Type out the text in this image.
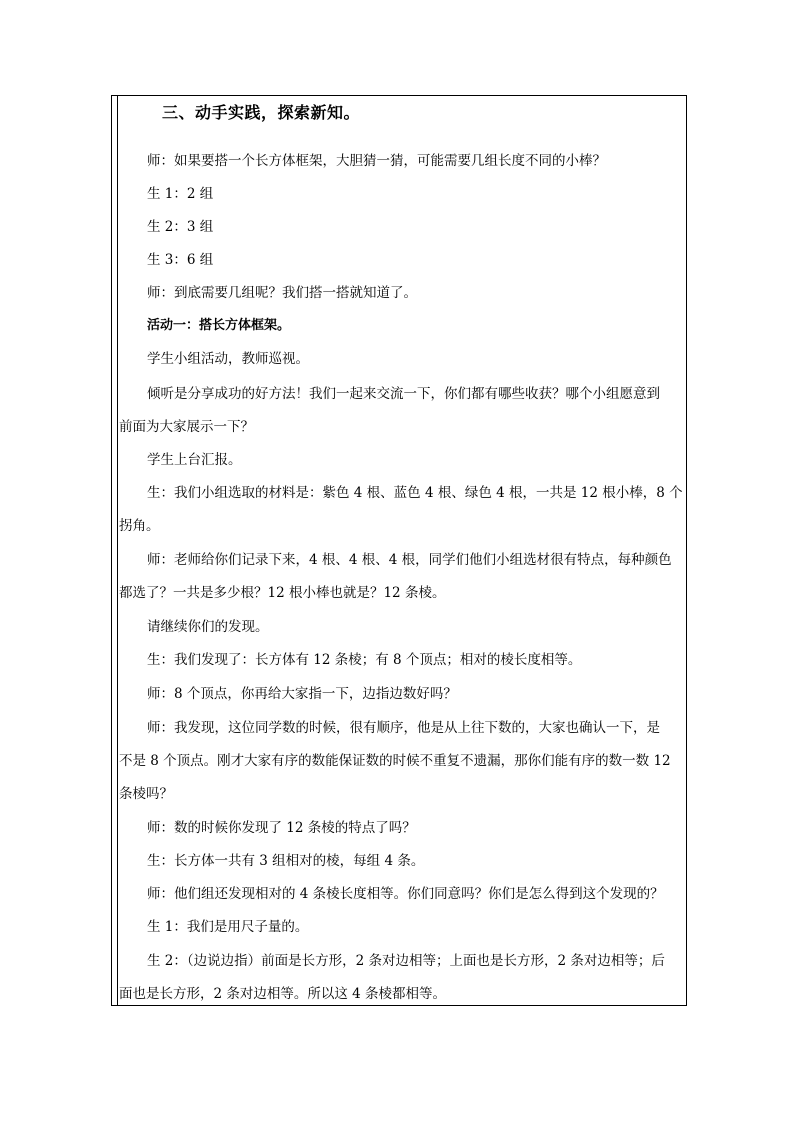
三、动手实践，探索新知。
师：如果要搭一个长方体框架，大胆猜一猜，可能需要几组长度不同的小棒？
生 1：2 组
生 2：3 组
生 3：6 组
师：到底需要几组呢？我们搭一搭就知道了。
活动一：搭长方体框架。
学生小组活动，教师巡视。
倾听是分享成功的好方法！我们一起来交流一下，你们都有哪些收获？哪个小组愿意到
前面为大家展示一下？
学生上台汇报。
生：我们小组选取的材料是：紫色 4 根、蓝色 4 根、绿色 4 根，一共是 12 根小棒，8 个
拐角。
师：老师给你们记录下来，4 根、4 根、4 根，同学们他们小组选材很有特点，每种颜色
都选了？一共是多少根？12 根小棒也就是？12 条棱。
请继续你们的发现。
生：我们发现了：长方体有 12 条棱；有 8 个顶点；相对的棱长度相等。
师：8 个顶点，你再给大家指一下，边指边数好吗？
师：我发现，这位同学数的时候，很有顺序，他是从上往下数的，大家也确认一下，是
不是 8 个顶点。刚才大家有序的数能保证数的时候不重复不遗漏，那你们能有序的数一数 12
条棱吗？
师：数的时候你发现了 12 条棱的特点了吗？
生：长方体一共有 3 组相对的棱，每组 4 条。
师：他们组还发现相对的 4 条棱长度相等。你们同意吗？你们是怎么得到这个发现的？
生 1：我们是用尺子量的。
生 2：（边说边指）前面是长方形，2 条对边相等；上面也是长方形，2 条对边相等；后
面也是长方形，2 条对边相等。所以这 4 条棱都相等。
